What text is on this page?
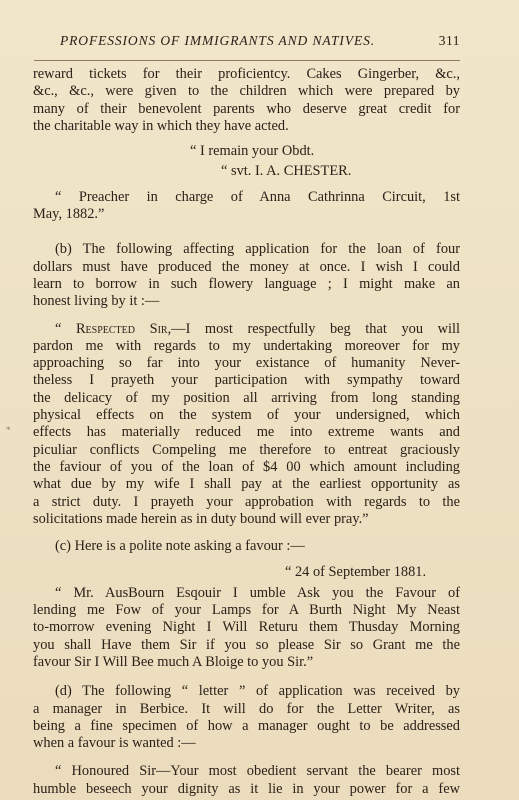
PROFESSIONS OF IMMIGRANTS AND NATIVES.	311
*
reward tickets for their proficientcy. Cakes Gingerber, &c.,
&c., &c., were given to the children which were prepared by
many of their benevolent parents who deserve great credit for
the charitable way in which they have acted.
“ I remain your Obdt.
“ svt. I. A. CHESTER.
“ Preacher in charge of Anna Cathrinna Circuit, 1st
May, 1882.”
(b) The following affecting application for the loan of four
dollars must have produced the money at once. I wish I could
learn to borrow in such flowery language ; I might make an
honest living by it :—
“ Respected Sir,—I most respectfully beg that you will
pardon me with regards to my undertaking moreover for my
approaching so far into your existance of humanity Never-
theless I prayeth your participation with sympathy toward
the delicacy of my position all arriving from long standing
physical effects on the system of your undersigned, which
effects has materially reduced me into extreme wants and
piculiar conflicts Compeling me therefore to entreat graciously
the faviour of you of the loan of $4 00 which amount including
what due by my wife I shall pay at the earliest opportunity as
a strict duty. I prayeth your approbation with regards to the
solicitations made herein as in duty bound will ever pray.”
(c) Here is a polite note asking a favour :—
“ 24 of September 1881.
“ Mr. AusBourn Esqouir I umble Ask you the Favour of
lending me Fow of your Lamps for A Burth Night My Neast
to-morrow evening Night I Will Returu them Thusday Morning
you shall Have them Sir if you so please Sir so Grant me the
favour Sir I Will Bee much A Bloige to you Sir.”
(d) The following “ letter ” of application was received by
a manager in Berbice. It will do for the Letter Writer, as
being a fine specimen of how a manager ought to be addressed
when a favour is wanted :—
“ Honoured Sir—Your most obedient servant the bearer most
humble beseech your dignity as it lie in your power for a few
